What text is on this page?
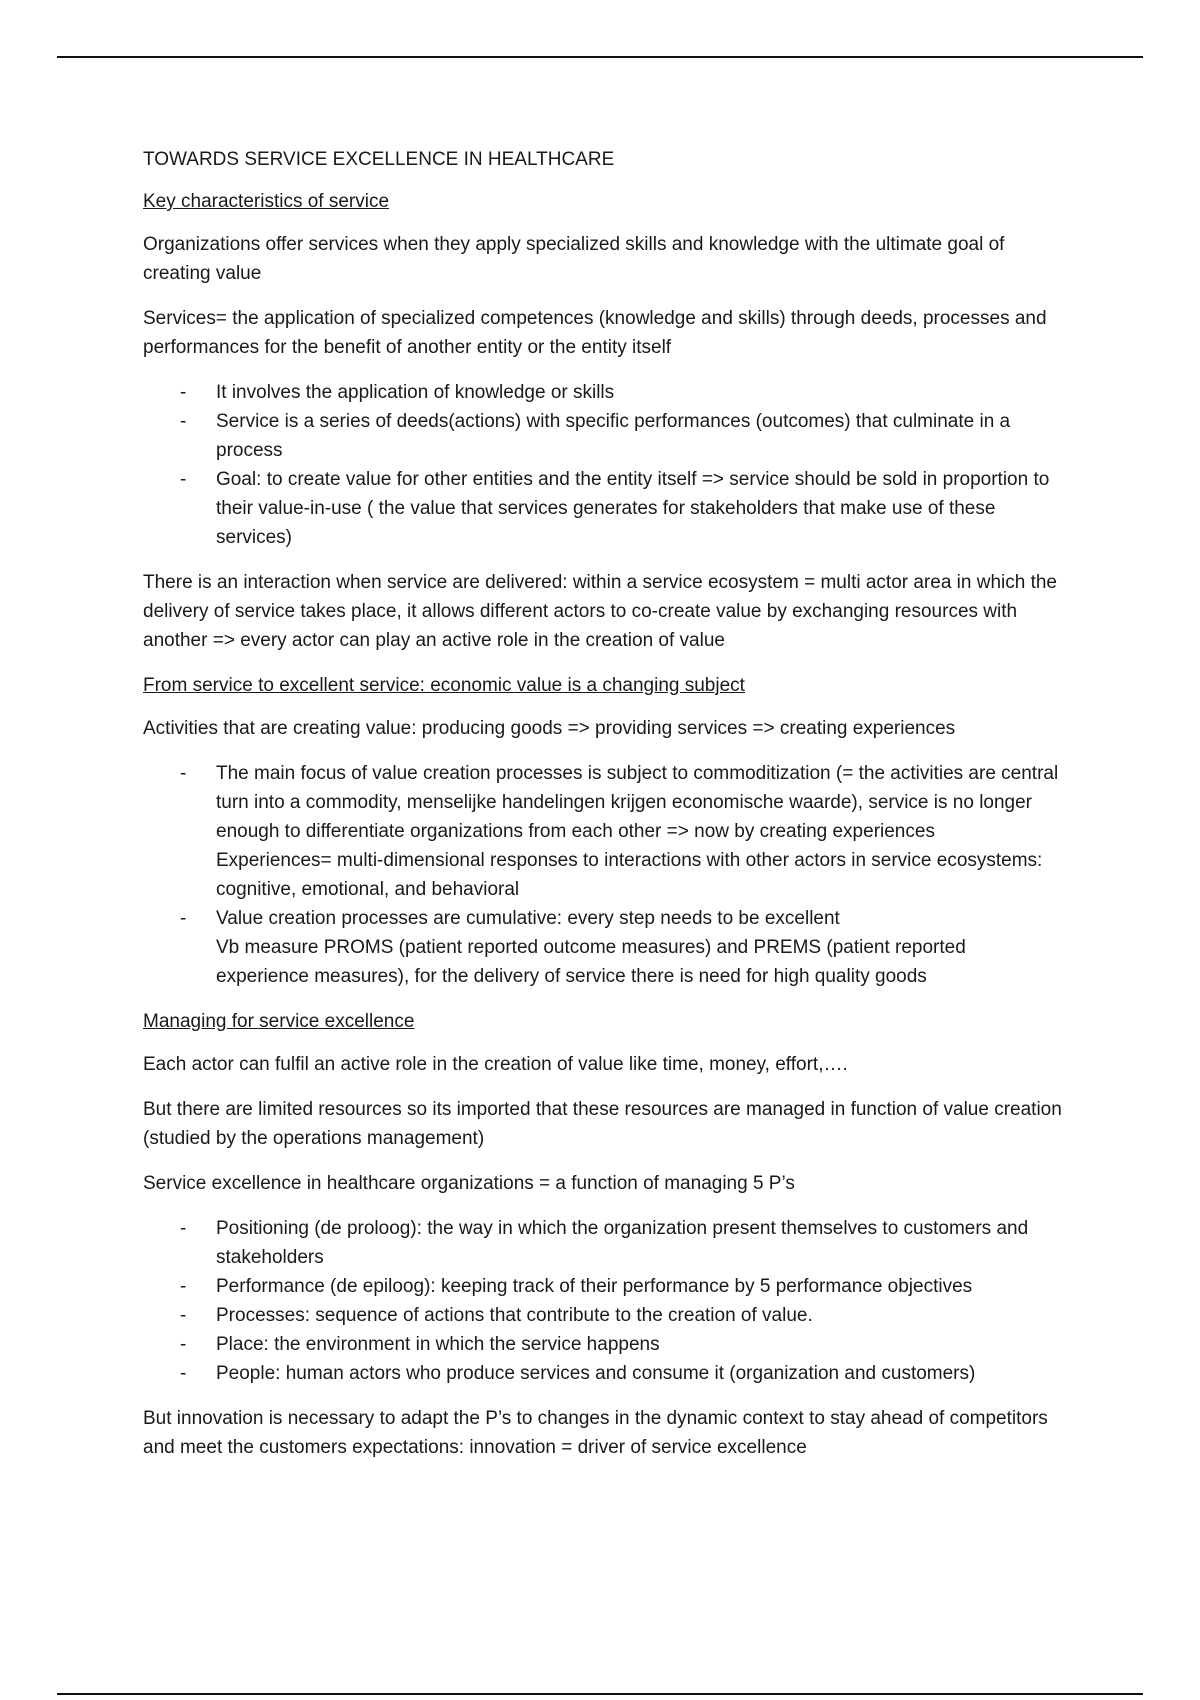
TOWARDS SERVICE EXCELLENCE IN HEALTHCARE

Key characteristics of service

Organizations offer services when they apply specialized skills and knowledge with the ultimate goal of creating value

Services= the application of specialized competences (knowledge and skills) through deeds, processes and performances for the benefit of another entity or the entity itself

- It involves the application of knowledge or skills
- Service is a series of deeds(actions) with specific performances (outcomes) that culminate in a process
- Goal: to create value for other entities and the entity itself => service should be sold in proportion to their value-in-use ( the value that services generates for stakeholders that make use of these services)

There is an interaction when service are delivered: within a service ecosystem = multi actor area in which the delivery of service takes place, it allows different actors to co-create value by exchanging resources with another => every actor can play an active role in the creation of value

From service to excellent service: economic value is a changing subject

Activities that are creating value: producing goods => providing services => creating experiences

- The main focus of value creation processes is subject to commoditization (= the activities are central turn into a commodity, menselijke handelingen krijgen economische waarde), service is no longer enough to differentiate organizations from each other => now by creating experiences
Experiences= multi-dimensional responses to interactions with other actors in service ecosystems: cognitive, emotional, and behavioral
- Value creation processes are cumulative: every step needs to be excellent
Vb measure PROMS (patient reported outcome measures) and PREMS (patient reported experience measures), for the delivery of service there is need for high quality goods

Managing for service excellence

Each actor can fulfil an active role in the creation of value like time, money, effort,….

But there are limited resources so its imported that these resources are managed in function of value creation (studied by the operations management)

Service excellence in healthcare organizations = a function of managing 5 P’s

- Positioning (de proloog): the way in which the organization present themselves to customers and stakeholders
- Performance (de epiloog): keeping track of their performance by 5 performance objectives
- Processes: sequence of actions that contribute to the creation of value.
- Place: the environment in which the service happens
- People: human actors who produce services and consume it (organization and customers)

But innovation is necessary to adapt the P’s to changes in the dynamic context to stay ahead of competitors and meet the customers expectations: innovation = driver of service excellence
